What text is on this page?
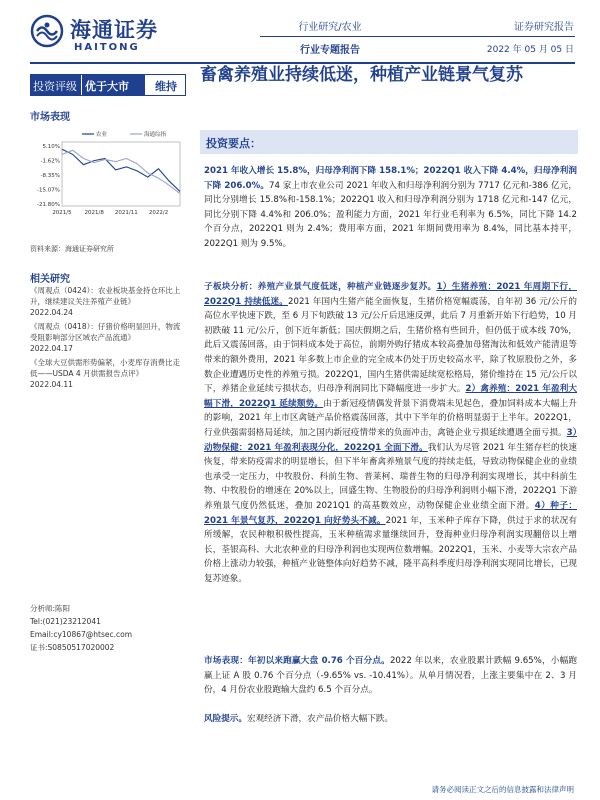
海通证券
HAITONG
行业研究/农业
行业专题报告
证券研究报告
2022 年 05 月 05 日
投资评级 优于大市	维持
市场表现
5.10%
-1.62%
-8.35%
-15.07%
-21.80%
2021/5 2021/8 2021/11 2022/2
农业	海通综指
资料来源：海通证券研究所
相关研究
《周观点（0424）：农业板块基金持仓环比上升，继续建议关注养殖产业链》
2022.04.24
《周观点（0418）：仔猪价格明显回升，物流受阻影响部分区域农产品流通》
2022.04.17
《全球大豆供需形势偏紧，小麦库存消费比走低——USDA 4 月供需报告点评》
2022.04.11
分析师:陈阳
Tel:(021)23212041
Email:cy10867@htsec.com
证书:S0850517020002
畜禽养殖业持续低迷，种植产业链景气复苏
投资要点：
2021 年收入增长 15.8%，归母净利润下降 158.1%；2022Q1 收入下降 4.4%，归母净利润下降 206.0%。74 家上市农业公司 2021 年收入和归母净利润分别为 7717 亿元和-386 亿元，同比分别增长 15.8%和-158.1%；2022Q1 收入和归母净利润分别为 1718 亿元和-147 亿元，同比分别下降 4.4%和 206.0%；盈利能力方面，2021 年行业毛利率为 6.5%，同比下降 14.2 个百分点，2022Q1 则为 2.4%；费用率方面，2021 年期间费用率为 8.4%，同比基本持平，2022Q1 则为 9.5%。
子板块分析：养殖产业景气度低迷，种植产业链逐步复苏。1）生猪养殖：2021 年周期下行，2022Q1 持续低迷。2021 年国内生猪产能全面恢复，生猪价格宽幅震荡，自年初 36 元/公斤的高位水平快速下跌，至 6 月下旬跌破 13 元/公斤后迅速反弹，此后 7 月重新开始下行趋势，10 月初跌破 11 元/公斤，创下近年新低；国庆假期之后，生猪价格有些回升，但仍低于成本线 70%，此后又震荡回落，由于饲料成本处于高位，前期外购仔猪成本较高叠加母猪淘汰和低效产能清退等带来的额外费用，2021 年多数上市企业的完全成本仍处于历史较高水平，除了牧原股份之外，多数企业遭遇历史性的养殖亏损。2022Q1，国内生猪供需延续宽松格局，猪价维持在 15 元/公斤以下，养猪企业延续亏损状态，归母净利润同比下降幅度进一步扩大。2）禽养殖：2021 年盈利大幅下滑，2022Q1 延续颓势。由于新冠疫情偶发背景下消费端未见起色，叠加饲料成本大幅上升的影响，2021 年上市区禽链产品价格震荡回落，其中下半年的价格明显弱于上半年。2022Q1，行业供强需弱格局延续，加之国内新冠疫情带来的负面冲击，禽链企业亏损延续遭遇全面亏损。3）动物保健：2021 年盈利表现分化，2022Q1 全面下滑。我们认为尽管 2021 年生猪存栏的快速恢复，带来防疫需求的明显增长，但下半年畜禽养殖景气度的持续走低，导致动物保健企业的业绩也承受一定压力，中牧股份、科前生物、普莱柯、瑞普生物的归母净利润实现增长，其中科前生物、中牧股份的增速在 20%以上，回盛生物、生物股份的归母净利润则小幅下滑，2022Q1 下游养殖景气度仍然低迷，叠加 2021Q1 的高基数效应，动物保健企业业绩全面下滑。4）种子：2021 年景气复苏，2022Q1 向好势头不减。2021 年，玉米种子库存下降，供过于求的状况有所缓解，农民种粮积极性提高，玉米种植需求量继续回升，登海种业归母净利润实现翻倍以上增长，荃银高科、大北农种业的归母净利润也实现两位数增幅。2022Q1，玉米、小麦等大宗农产品价格上涨动力较强，种植产业链整体向好趋势不减，隆平高科季度归母净利润实现同比增长，已现复苏迹象。
市场表现：年初以来跑赢大盘 0.76 个百分点。2022 年以来，农业股累计跌幅 9.65%，小幅跑赢上证 A 股 0.76 个百分点（-9.65% vs. -10.41%）。从单月情况看，上涨主要集中在 2、3 月份，4 月份农业股跑输大盘约 6.5 个百分点。
风险提示。宏观经济下滑，农产品价格大幅下跌。
请务必阅读正文之后的信息披露和法律声明
